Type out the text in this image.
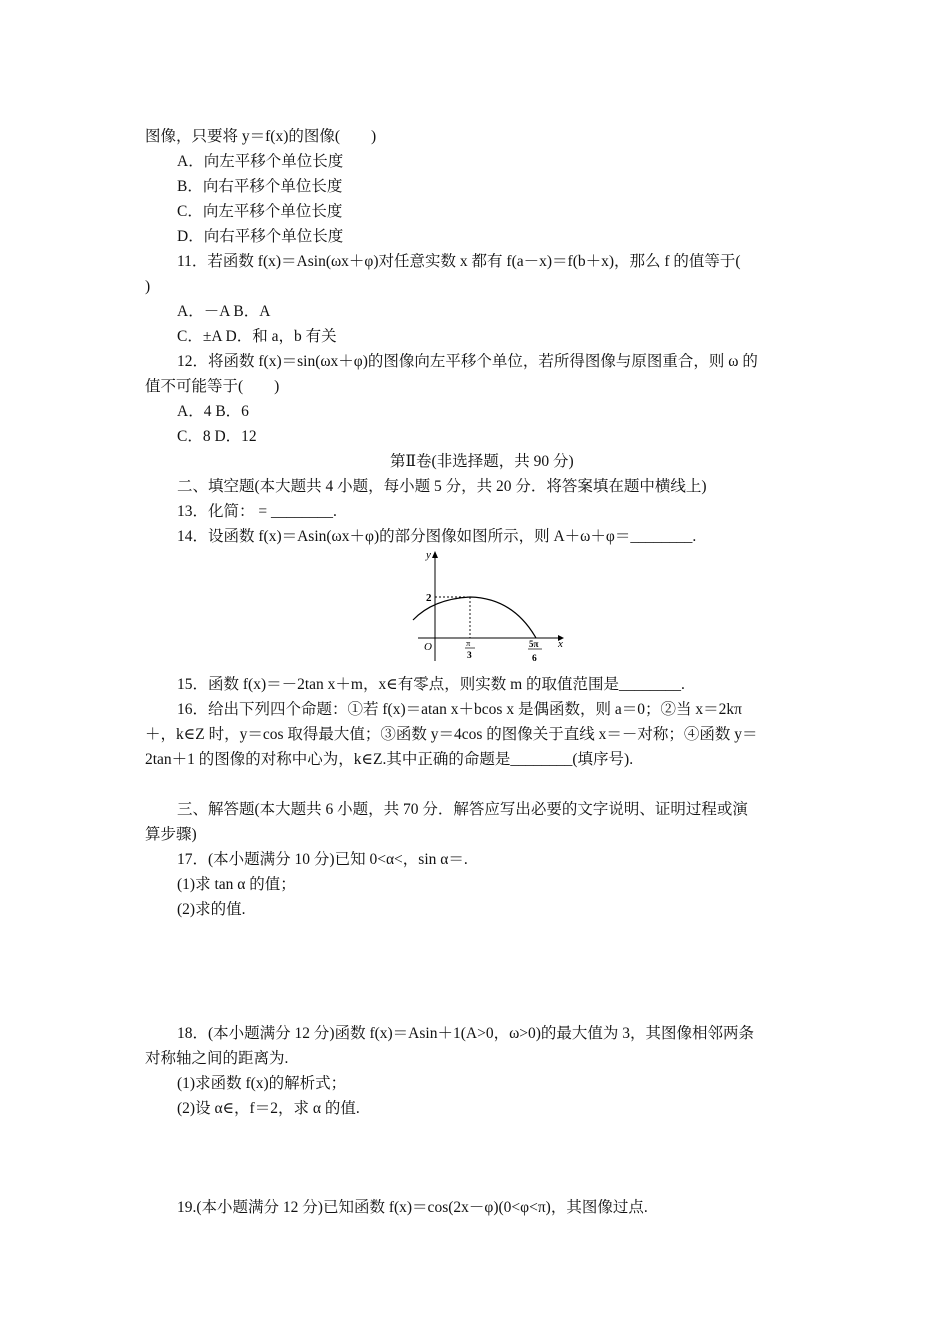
图像，只要将 y＝f(x)的图像(　　)
A．向左平移个单位长度
B．向右平移个单位长度
C．向左平移个单位长度
D．向右平移个单位长度
11．若函数 f(x)＝Asin(ωx＋φ)对任意实数 x 都有 f(a－x)＝f(b＋x)，那么 f 的值等于(
)
A．－A B．A
C．±A D．和 a，b 有关
12．将函数 f(x)＝sin(ωx＋φ)的图像向左平移个单位，若所得图像与原图重合，则 ω 的
值不可能等于(　　)
A．4 B．6
C．8 D．12
第Ⅱ卷(非选择题，共 90 分)
二、填空题(本大题共 4 小题，每小题 5 分，共 20 分．将答案填在题中横线上)
13．化简： = ________.
14．设函数 f(x)＝Asin(ωx＋φ)的部分图像如图所示，则 A＋ω＋φ＝________.
y
x
O
2
π
3
5π
6
15．函数 f(x)＝－2tan x＋m，x∈有零点，则实数 m 的取值范围是________.
16．给出下列四个命题：①若 f(x)＝atan x＋bcos x 是偶函数，则 a＝0；②当 x＝2kπ
＋，k∈Z 时，y＝cos 取得最大值；③函数 y＝4cos 的图像关于直线 x＝－对称；④函数 y＝
2tan＋1 的图像的对称中心为，k∈Z.其中正确的命题是________(填序号).
三、解答题(本大题共 6 小题，共 70 分．解答应写出必要的文字说明、证明过程或演
算步骤)
17．(本小题满分 10 分)已知 0<α<，sin α＝.
(1)求 tan α 的值；
(2)求的值.
18．(本小题满分 12 分)函数 f(x)＝Asin＋1(A>0，ω>0)的最大值为 3，其图像相邻两条
对称轴之间的距离为.
(1)求函数 f(x)的解析式；
(2)设 α∈，f＝2，求 α 的值.
19.(本小题满分 12 分)已知函数 f(x)＝cos(2x－φ)(0<φ<π)，其图像过点.
